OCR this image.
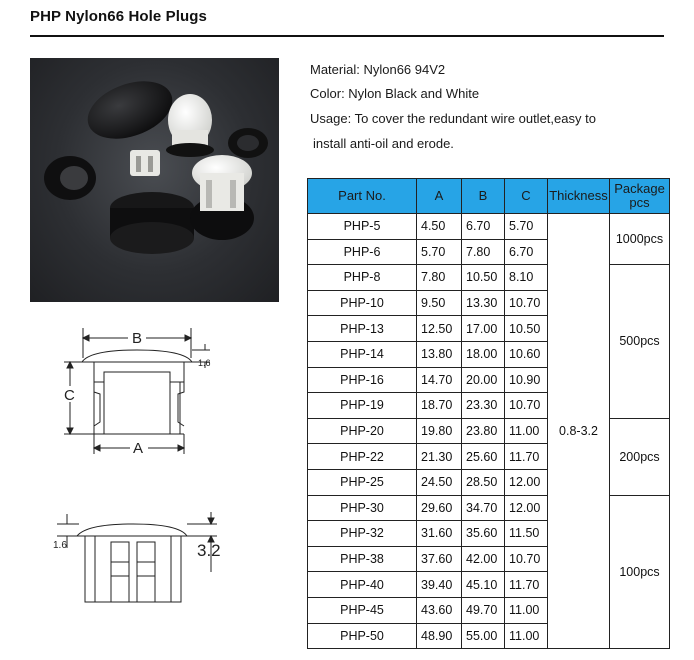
PHP Nylon66 Hole Plugs
Material: Nylon66 94V2
Color: Nylon Black and White
Usage: To cover the redundant wire outlet,easy to
install anti-oil and erode.
B
C
A
1.6
1.6	3.2
Part No.	A	B	C	Thickness	Package
pcs
PHP-5	4.50	6.70	5.70	0.8-3.2	1000pcs
PHP-6	5.70	7.80	6.70		
PHP-8	7.80	10.50	8.10		500pcs
PHP-10	9.50	13.30	10.70		
PHP-13	12.50	17.00	10.50		
PHP-14	13.80	18.00	10.60		
PHP-16	14.70	20.00	10.90		
PHP-19	18.70	23.30	10.70		
PHP-20	19.80	23.80	11.00		200pcs
PHP-22	21.30	25.60	11.70		
PHP-25	24.50	28.50	12.00		
PHP-30	29.60	34.70	12.00		100pcs
PHP-32	31.60	35.60	11.50		
PHP-38	37.60	42.00	10.70		
PHP-40	39.40	45.10	11.70		
PHP-45	43.60	49.70	11.00		
PHP-50	48.90	55.00	11.00		
